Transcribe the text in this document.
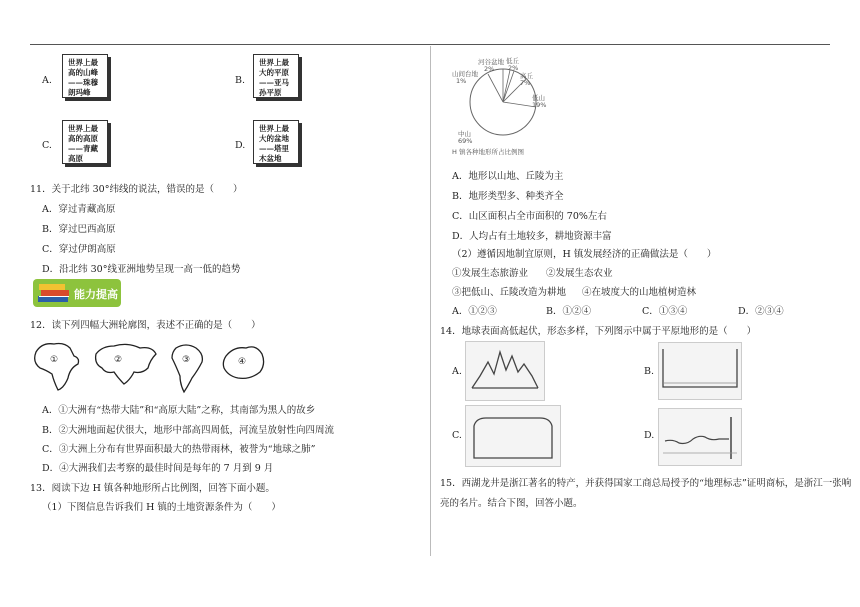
A.
世界上最
高的山峰
——珠穆
朗玛峰
B.
世界上最
大的平原
——亚马
孙平原
C.
世界上最
高的高原
——青藏
高原
D.
世界上最
大的盆地
——塔里
木盆地
11．关于北纬 30°纬线的说法，错误的是（　　）
A．穿过青藏高原
B．穿过巴西高原
C．穿过伊朗高原
D．沿北纬 30°线亚洲地势呈现一高一低的趋势
能力提高
12．读下列四幅大洲轮廓图，表述不正确的是（　　）
①	②	③	④
A．①大洲有“热带大陆”和“高原大陆”之称，其南部为黑人的故乡
B．②大洲地面起伏很大，地形中部高四周低，河流呈放射性向四周流
C．③大洲上分布有世界面积最大的热带雨林，被誉为“地球之肺”
D．④大洲我们去考察的最佳时间是每年的 7 月到 9 月
13．阅读下边 H 镇各种地形所占比例图，回答下面小题。
（1）下图信息告诉我们 H 镇的土地资源条件为（　　）
河谷盆地
2%
山间台地
1%
低丘
2%
高丘
7%
低山
19%
中山
69%
H 镇各种地形所占比例图
A．地形以山地、丘陵为主
B．地形类型多、种类齐全
C．山区面积占全市面积的 70%左右
D．人均占有土地较多，耕地资源丰富
（2）遵循因地制宜原则，H 镇发展经济的正确做法是（　　）
①发展生态旅游业 ②发展生态农业
③把低山、丘陵改造为耕地 ④在坡度大的山地植树造林
A．①②③	B．①②④	C．①③④	D．②③④
14．地球表面高低起伏，形态多样，下列图示中属于平原地形的是（　　）
A.	B.
C.	D.
15．西湖龙井是浙江著名的特产，并获得国家工商总局授予的“地理标志”证明商标，是浙江一张响
亮的名片。结合下图，回答小题。
